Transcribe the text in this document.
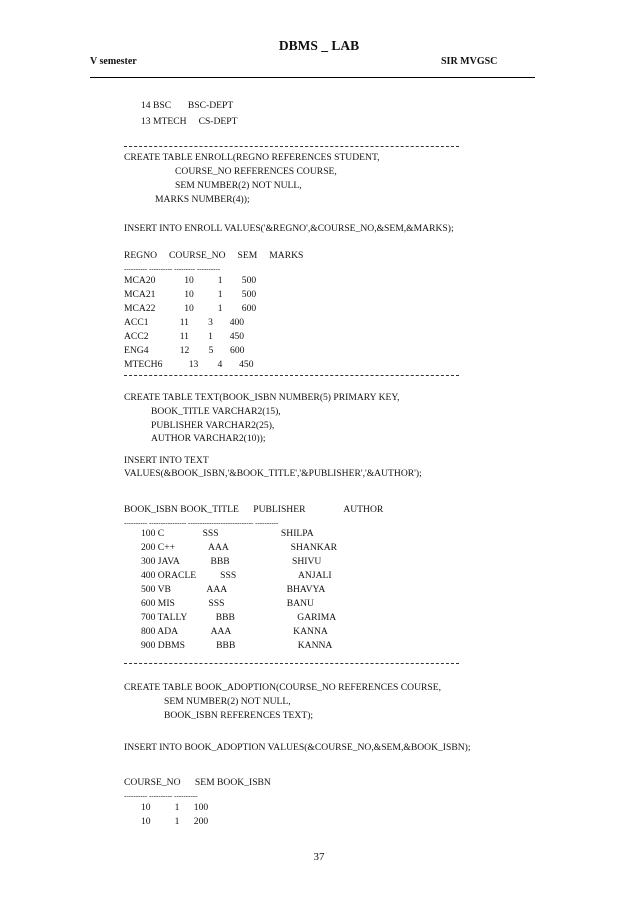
DBMS _ LAB
V semester	SIR MVGSC
14 BSC       BSC-DEPT
13 MTECH     CS-DEPT
CREATE TABLE ENROLL(REGNO REFERENCES STUDENT,
COURSE_NO REFERENCES COURSE,
SEM NUMBER(2) NOT NULL,
MARKS NUMBER(4));
INSERT INTO ENROLL VALUES('&REGNO',&COURSE_NO,&SEM,&MARKS);
REGNO     COURSE_NO     SEM     MARKS
---------- ---------- --------- ----------
MCA20            10          1        500
MCA21            10          1        500
MCA22            10          1        600
ACC1             11        3       400
ACC2             11        1       450
ENG4             12        5       600
MTECH6           13        4       450
CREATE TABLE TEXT(BOOK_ISBN NUMBER(5) PRIMARY KEY,
BOOK_TITLE VARCHAR2(15),
PUBLISHER VARCHAR2(25),
AUTHOR VARCHAR2(10));
INSERT INTO TEXT
VALUES(&BOOK_ISBN,'&BOOK_TITLE','&PUBLISHER','&AUTHOR');
BOOK_ISBN BOOK_TITLE      PUBLISHER                AUTHOR
---------- ---------------- ---------------------------- ----------
100 C                SSS                          SHILPA
200 C++              AAA                          SHANKAR
300 JAVA             BBB                          SHIVU
400 ORACLE          SSS                          ANJALI
500 VB               AAA                         BHAVYA
600 MIS              SSS                          BANU
700 TALLY            BBB                          GARIMA
800 ADA              AAA                          KANNA
900 DBMS             BBB                          KANNA
CREATE TABLE BOOK_ADOPTION(COURSE_NO REFERENCES COURSE,
SEM NUMBER(2) NOT NULL,
BOOK_ISBN REFERENCES TEXT);
INSERT INTO BOOK_ADOPTION VALUES(&COURSE_NO,&SEM,&BOOK_ISBN);
COURSE_NO      SEM BOOK_ISBN
---------- ---------- ----------
10          1      100
10          1      200
37
